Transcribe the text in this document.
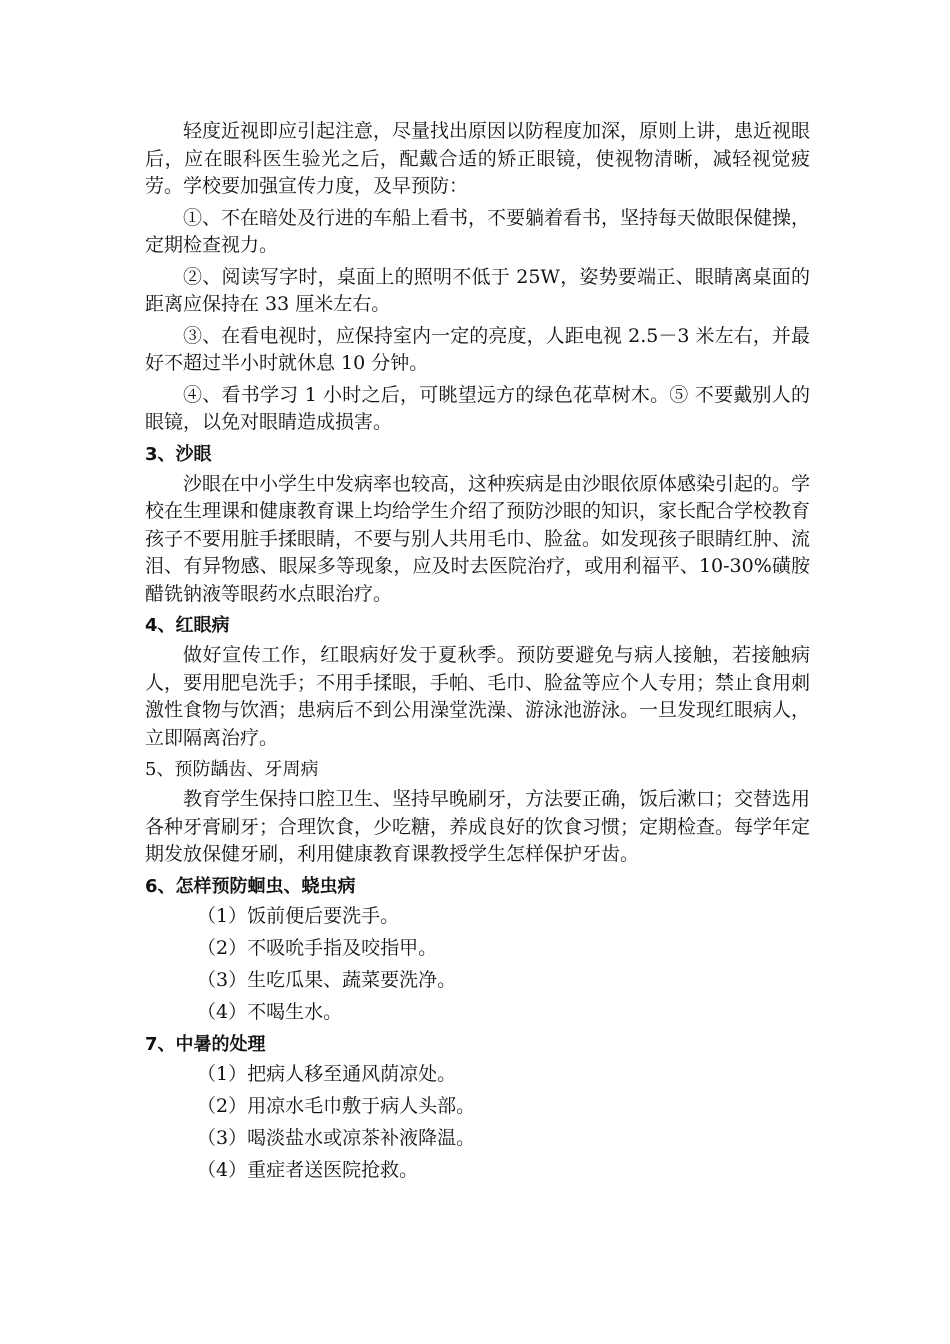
轻度近视即应引起注意，尽量找出原因以防程度加深，原则上讲，患近视眼后，应在眼科医生验光之后，配戴合适的矫正眼镜，使视物清晰，减轻视觉疲劳。学校要加强宣传力度，及早预防：

①、不在暗处及行进的车船上看书，不要躺着看书，坚持每天做眼保健操，定期检查视力。

②、阅读写字时，桌面上的照明不低于 25W，姿势要端正、眼睛离桌面的距离应保持在 33 厘米左右。

③、在看电视时，应保持室内一定的亮度，人距电视 2.5－3 米左右，并最好不超过半小时就休息 10 分钟。

④、看书学习 1 小时之后，可眺望远方的绿色花草树木。⑤ 不要戴别人的眼镜，以免对眼睛造成损害。

3、沙眼

沙眼在中小学生中发病率也较高，这种疾病是由沙眼依原体感染引起的。学校在生理课和健康教育课上均给学生介绍了预防沙眼的知识，家长配合学校教育孩子不要用脏手揉眼睛，不要与别人共用毛巾、脸盆。如发现孩子眼睛红肿、流泪、有异物感、眼屎多等现象，应及时去医院治疗，或用利福平、10-30%磺胺醋铣钠液等眼药水点眼治疗。

4、红眼病

做好宣传工作，红眼病好发于夏秋季。预防要避免与病人接触，若接触病人，要用肥皂洗手；不用手揉眼，手帕、毛巾、脸盆等应个人专用；禁止食用刺激性食物与饮酒；患病后不到公用澡堂洗澡、游泳池游泳。一旦发现红眼病人，立即隔离治疗。

5、预防龋齿、牙周病

教育学生保持口腔卫生、坚持早晚刷牙，方法要正确，饭后漱口；交替选用各种牙膏刷牙；合理饮食，少吃糖，养成良好的饮食习惯；定期检查。每学年定期发放保健牙刷，利用健康教育课教授学生怎样保护牙齿。

6、怎样预防蛔虫、蛲虫病
（1）饭前便后要洗手。
（2）不吸吮手指及咬指甲。
（3）生吃瓜果、蔬菜要洗净。
（4）不喝生水。
7、中暑的处理
（1）把病人移至通风荫凉处。
（2）用凉水毛巾敷于病人头部。
（3）喝淡盐水或凉茶补液降温。
（4）重症者送医院抢救。
